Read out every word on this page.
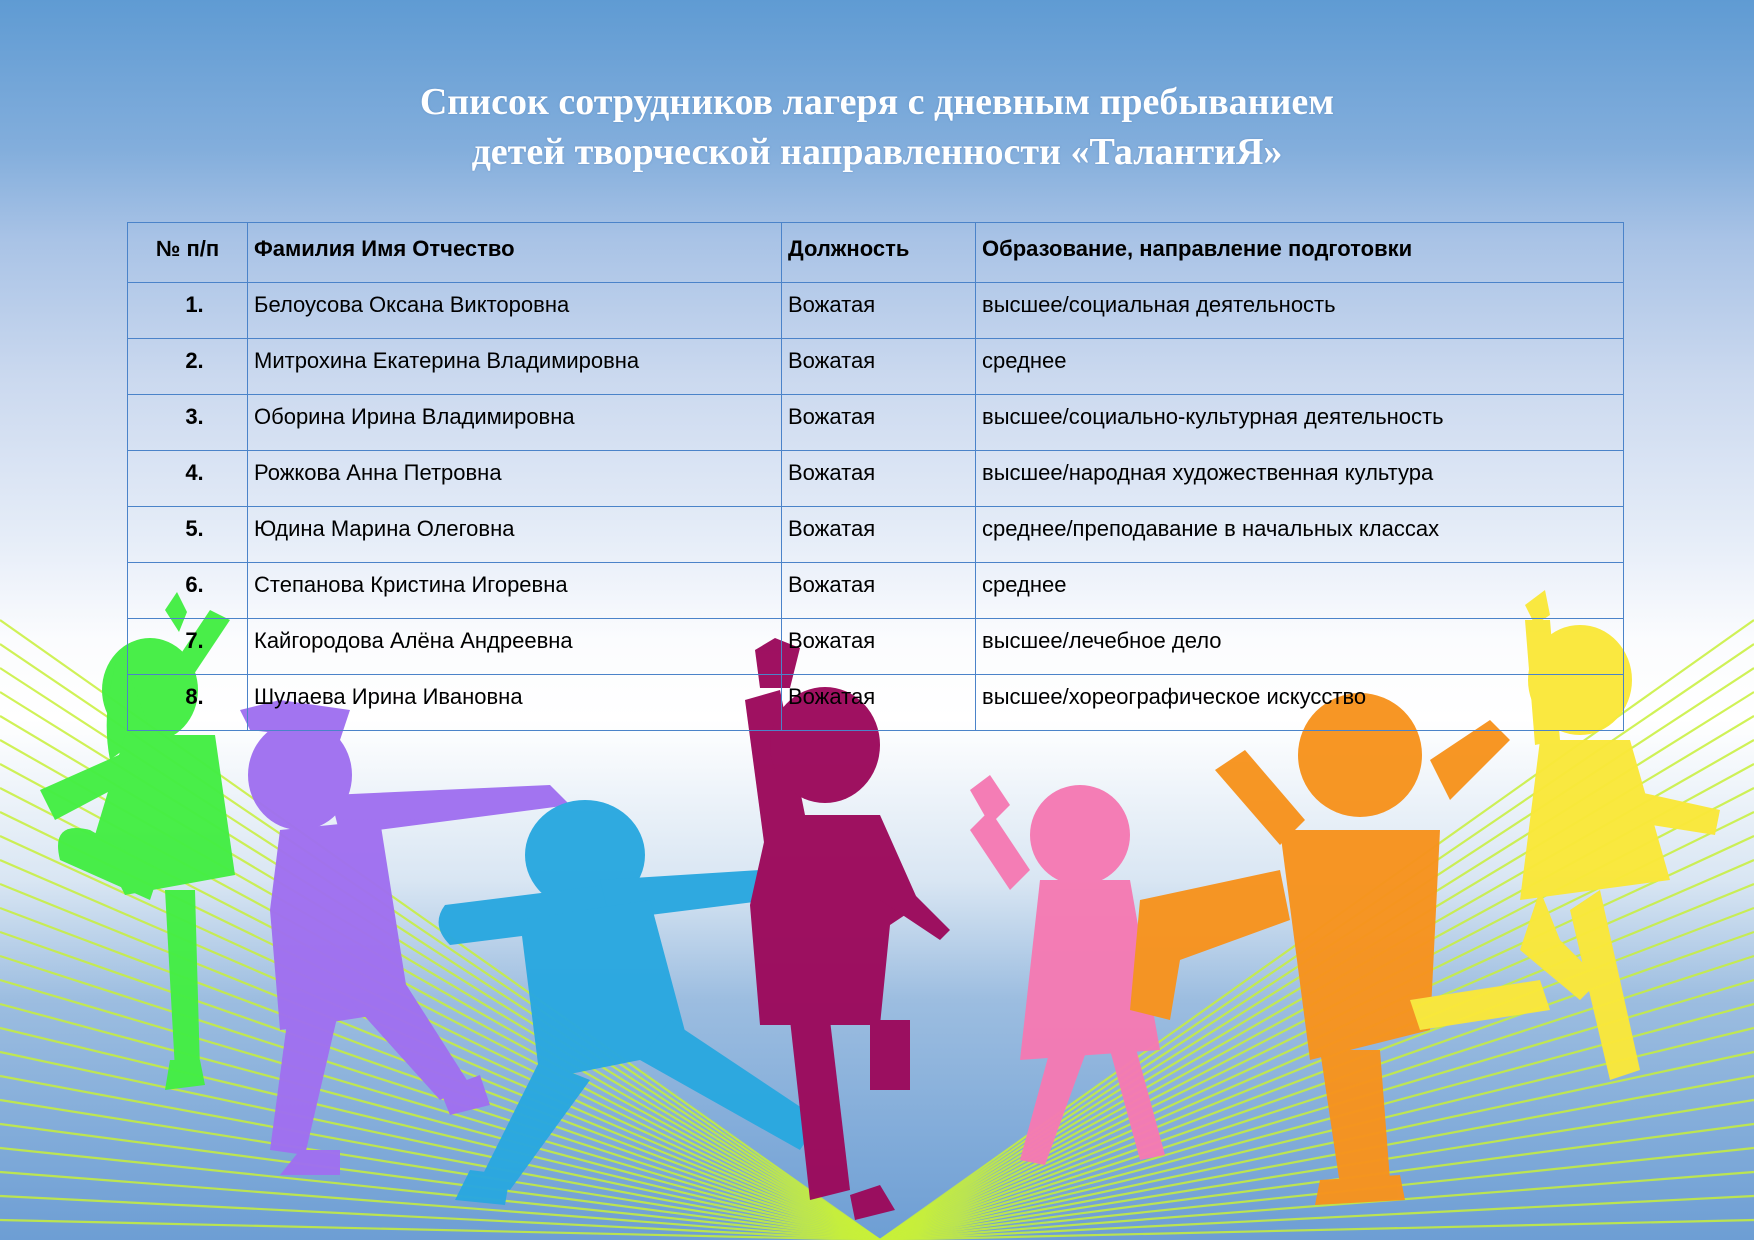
Список сотрудников лагеря с дневным пребыванием
детей творческой направленности «ТалантиЯ»
№ п/п	Фамилия Имя Отчество	Должность	Образование, направление подготовки
1.	Белоусова Оксана Викторовна	Вожатая	высшее/социальная деятельность
2.	Митрохина Екатерина Владимировна	Вожатая	среднее
3.	Оборина Ирина Владимировна	Вожатая	высшее/социально-культурная деятельность
4.	Рожкова Анна Петровна	Вожатая	высшее/народная художественная культура
5.	Юдина Марина Олеговна	Вожатая	среднее/преподавание в начальных классах
6.	Степанова Кристина Игоревна	Вожатая	среднее
7.	Кайгородова Алёна Андреевна	Вожатая	высшее/лечебное дело
8.	Шулаева Ирина Ивановна	Вожатая	высшее/хореографическое искусство
